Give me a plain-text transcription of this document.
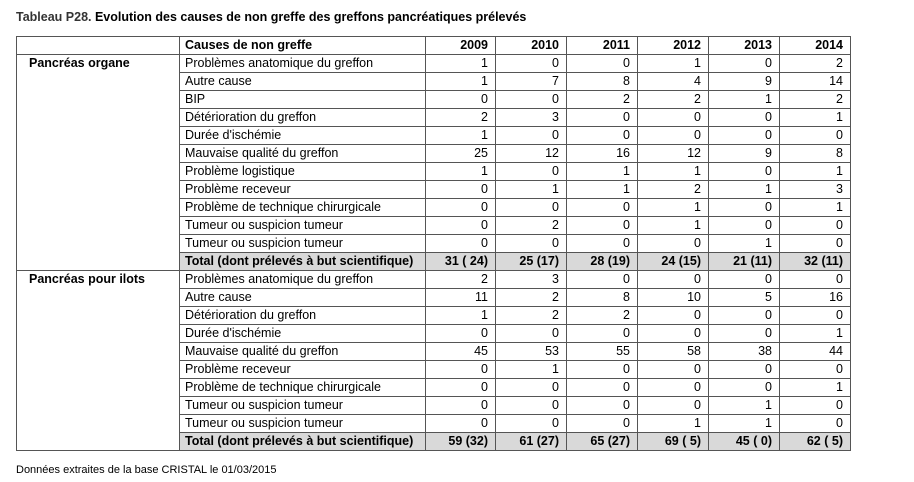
Tableau P28. Evolution des causes de non greffe des greffons pancréatiques prélevés
	Causes de non greffe	2009	2010	2011	2012	2013	2014
Pancréas organe	Problèmes anatomique du greffon	1	0	0	1	0	2
	Autre cause	1	7	8	4	9	14
	BIP	0	0	2	2	1	2
	Détérioration du greffon	2	3	0	0	0	1
	Durée d'ischémie	1	0	0	0	0	0
	Mauvaise qualité du greffon	25	12	16	12	9	8
	Problème logistique	1	0	1	1	0	1
	Problème receveur	0	1	1	2	1	3
	Problème de technique chirurgicale	0	0	0	1	0	1
	Tumeur ou suspicion tumeur	0	2	0	1	0	0
	Tumeur ou suspicion tumeur	0	0	0	0	1	0
	Total (dont prélevés à but scientifique)	31 ( 24)	25 (17)	28 (19)	24 (15)	21 (11)	32 (11)
Pancréas pour ilots	Problèmes anatomique du greffon	2	3	0	0	0	0
	Autre cause	11	2	8	10	5	16
	Détérioration du greffon	1	2	2	0	0	0
	Durée d'ischémie	0	0	0	0	0	1
	Mauvaise qualité du greffon	45	53	55	58	38	44
	Problème receveur	0	1	0	0	0	0
	Problème de technique chirurgicale	0	0	0	0	0	1
	Tumeur ou suspicion tumeur	0	0	0	0	1	0
	Tumeur ou suspicion tumeur	0	0	0	1	1	0
	Total (dont prélevés à but scientifique)	59 (32)	61 (27)	65 (27)	69 ( 5)	45 ( 0)	62 ( 5)
Données extraites de la base CRISTAL le 01/03/2015
